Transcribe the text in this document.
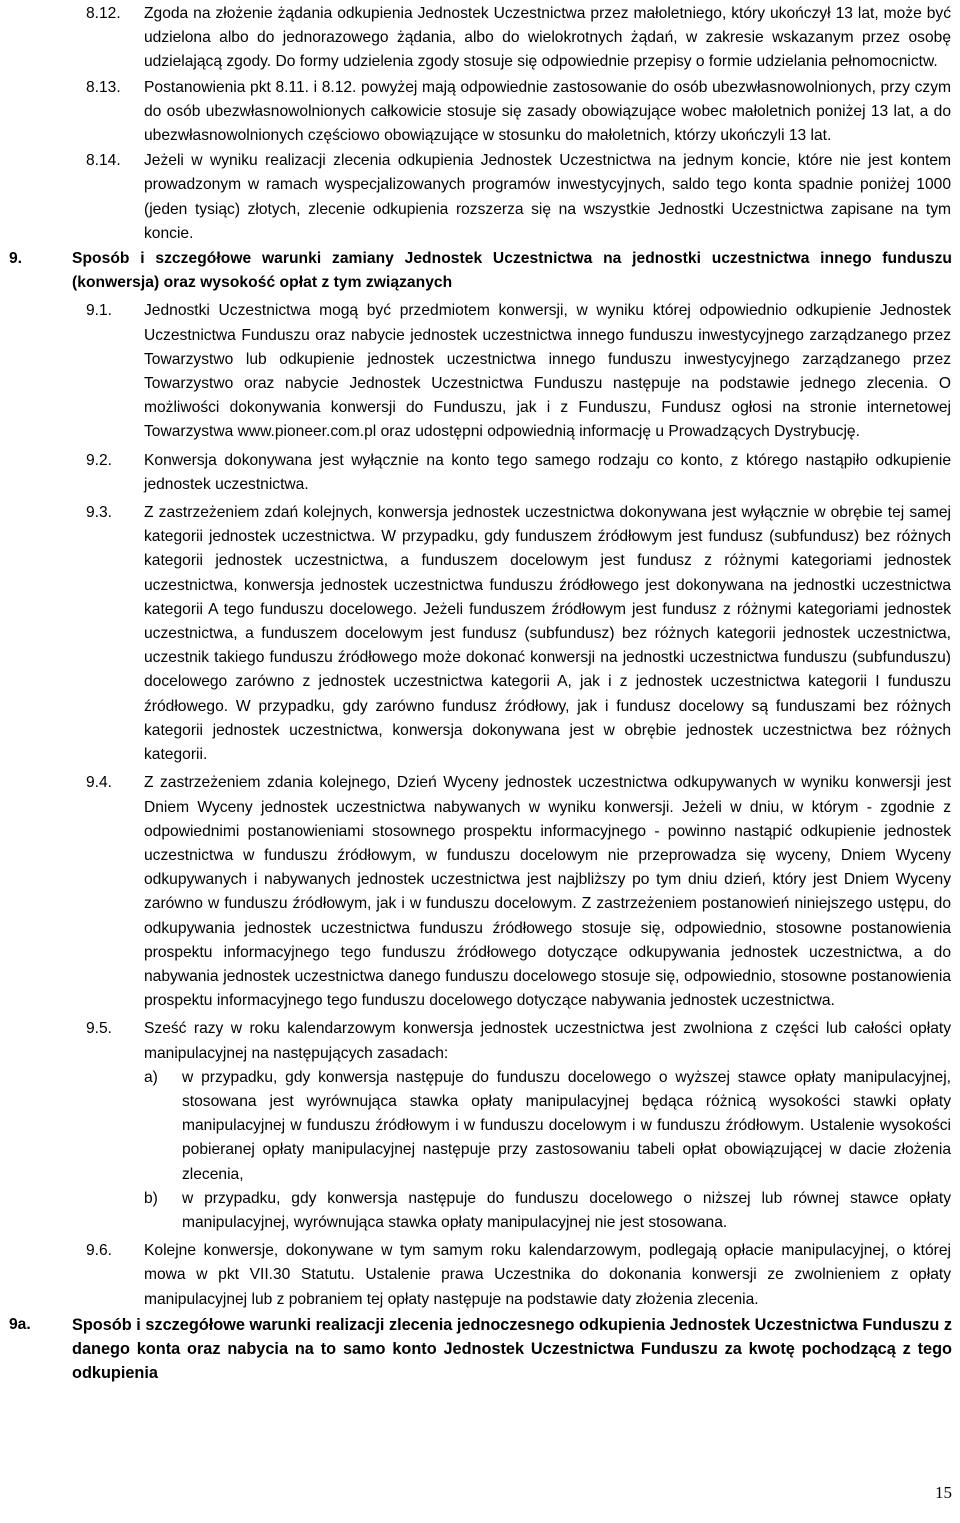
8.12.	Zgoda na złożenie żądania odkupienia Jednostek Uczestnictwa przez małoletniego, który ukończył 13 lat, może być udzielona albo do jednorazowego żądania, albo do wielokrotnych żądań, w zakresie wskazanym przez osobę udzielającą zgody. Do formy udzielenia zgody stosuje się odpowiednie przepisy o formie udzielania pełnomocnictw.
8.13.	Postanowienia pkt 8.11. i 8.12. powyżej mają odpowiednie zastosowanie do osób ubezwłasnowolnionych, przy czym do osób ubezwłasnowolnionych całkowicie stosuje się zasady obowiązujące wobec małoletnich poniżej 13 lat, a do ubezwłasnowolnionych częściowo obowiązujące w stosunku do małoletnich, którzy ukończyli 13 lat.
8.14.	Jeżeli w wyniku realizacji zlecenia odkupienia Jednostek Uczestnictwa na jednym koncie, które nie jest kontem prowadzonym w ramach wyspecjalizowanych programów inwestycyjnych, saldo tego konta spadnie poniżej 1000 (jeden tysiąc) złotych, zlecenie odkupienia rozszerza się na wszystkie Jednostki Uczestnictwa zapisane na tym koncie.
9.	Sposób i szczegółowe warunki zamiany Jednostek Uczestnictwa na jednostki uczestnictwa innego funduszu (konwersja) oraz wysokość opłat z tym związanych
9.1.	Jednostki Uczestnictwa mogą być przedmiotem konwersji, w wyniku której odpowiednio odkupienie Jednostek Uczestnictwa Funduszu oraz nabycie jednostek uczestnictwa innego funduszu inwestycyjnego zarządzanego przez Towarzystwo lub odkupienie jednostek uczestnictwa innego funduszu inwestycyjnego zarządzanego przez Towarzystwo oraz nabycie Jednostek Uczestnictwa Funduszu następuje na podstawie jednego zlecenia. O możliwości dokonywania konwersji do Funduszu, jak i z Funduszu, Fundusz ogłosi na stronie internetowej Towarzystwa www.pioneer.com.pl oraz udostępni odpowiednią informację u Prowadzących Dystrybucję.
9.2.	Konwersja dokonywana jest wyłącznie na konto tego samego rodzaju co konto, z którego nastąpiło odkupienie jednostek uczestnictwa.
9.3.	Z zastrzeżeniem zdań kolejnych, konwersja jednostek uczestnictwa dokonywana jest wyłącznie w obrębie tej samej kategorii jednostek uczestnictwa. W przypadku, gdy funduszem źródłowym jest fundusz (subfundusz) bez różnych kategorii jednostek uczestnictwa, a funduszem docelowym jest fundusz z różnymi kategoriami jednostek uczestnictwa, konwersja jednostek uczestnictwa funduszu źródłowego jest dokonywana na jednostki uczestnictwa kategorii A tego funduszu docelowego. Jeżeli funduszem źródłowym jest fundusz z różnymi kategoriami jednostek uczestnictwa, a funduszem docelowym jest fundusz (subfundusz) bez różnych kategorii jednostek uczestnictwa, uczestnik takiego funduszu źródłowego może dokonać konwersji na jednostki uczestnictwa funduszu (subfunduszu) docelowego zarówno z jednostek uczestnictwa kategorii A, jak i z jednostek uczestnictwa kategorii I funduszu źródłowego. W przypadku, gdy zarówno fundusz źródłowy, jak i fundusz docelowy są funduszami bez różnych kategorii jednostek uczestnictwa, konwersja dokonywana jest w obrębie jednostek uczestnictwa bez różnych kategorii.
9.4.	Z zastrzeżeniem zdania kolejnego, Dzień Wyceny jednostek uczestnictwa odkupywanych w wyniku konwersji jest Dniem Wyceny jednostek uczestnictwa nabywanych w wyniku konwersji. Jeżeli w dniu, w którym - zgodnie z odpowiednimi postanowieniami stosownego prospektu informacyjnego - powinno nastąpić odkupienie jednostek uczestnictwa w funduszu źródłowym, w funduszu docelowym nie przeprowadza się wyceny, Dniem Wyceny odkupywanych i nabywanych jednostek uczestnictwa jest najbliższy po tym dniu dzień, który jest Dniem Wyceny zarówno w funduszu źródłowym, jak i w funduszu docelowym. Z zastrzeżeniem postanowień niniejszego ustępu, do odkupywania jednostek uczestnictwa funduszu źródłowego stosuje się, odpowiednio, stosowne postanowienia prospektu informacyjnego tego funduszu źródłowego dotyczące odkupywania jednostek uczestnictwa, a do nabywania jednostek uczestnictwa danego funduszu docelowego stosuje się, odpowiednio, stosowne postanowienia prospektu informacyjnego tego funduszu docelowego dotyczące nabywania jednostek uczestnictwa.
9.5.	Sześć razy w roku kalendarzowym konwersja jednostek uczestnictwa jest zwolniona z części lub całości opłaty manipulacyjnej na następujących zasadach:
a)	w przypadku, gdy konwersja następuje do funduszu docelowego o wyższej stawce opłaty manipulacyjnej, stosowana jest wyrównująca stawka opłaty manipulacyjnej będąca różnicą wysokości stawki opłaty manipulacyjnej w funduszu źródłowym i w funduszu docelowym i w funduszu źródłowym. Ustalenie wysokości pobieranej opłaty manipulacyjnej następuje przy zastosowaniu tabeli opłat obowiązującej w dacie złożenia zlecenia,
b)	w przypadku, gdy konwersja następuje do funduszu docelowego o niższej lub równej stawce opłaty manipulacyjnej, wyrównująca stawka opłaty manipulacyjnej nie jest stosowana.
9.6.	Kolejne konwersje, dokonywane w tym samym roku kalendarzowym, podlegają opłacie manipulacyjnej, o której mowa w pkt VII.30 Statutu. Ustalenie prawa Uczestnika do dokonania konwersji ze zwolnieniem z opłaty manipulacyjnej lub z pobraniem tej opłaty następuje na podstawie daty złożenia zlecenia.
9a.	Sposób i szczegółowe warunki realizacji zlecenia jednoczesnego odkupienia Jednostek Uczestnictwa Funduszu z danego konta oraz nabycia na to samo konto Jednostek Uczestnictwa Funduszu za kwotę pochodzącą z tego odkupienia
15
